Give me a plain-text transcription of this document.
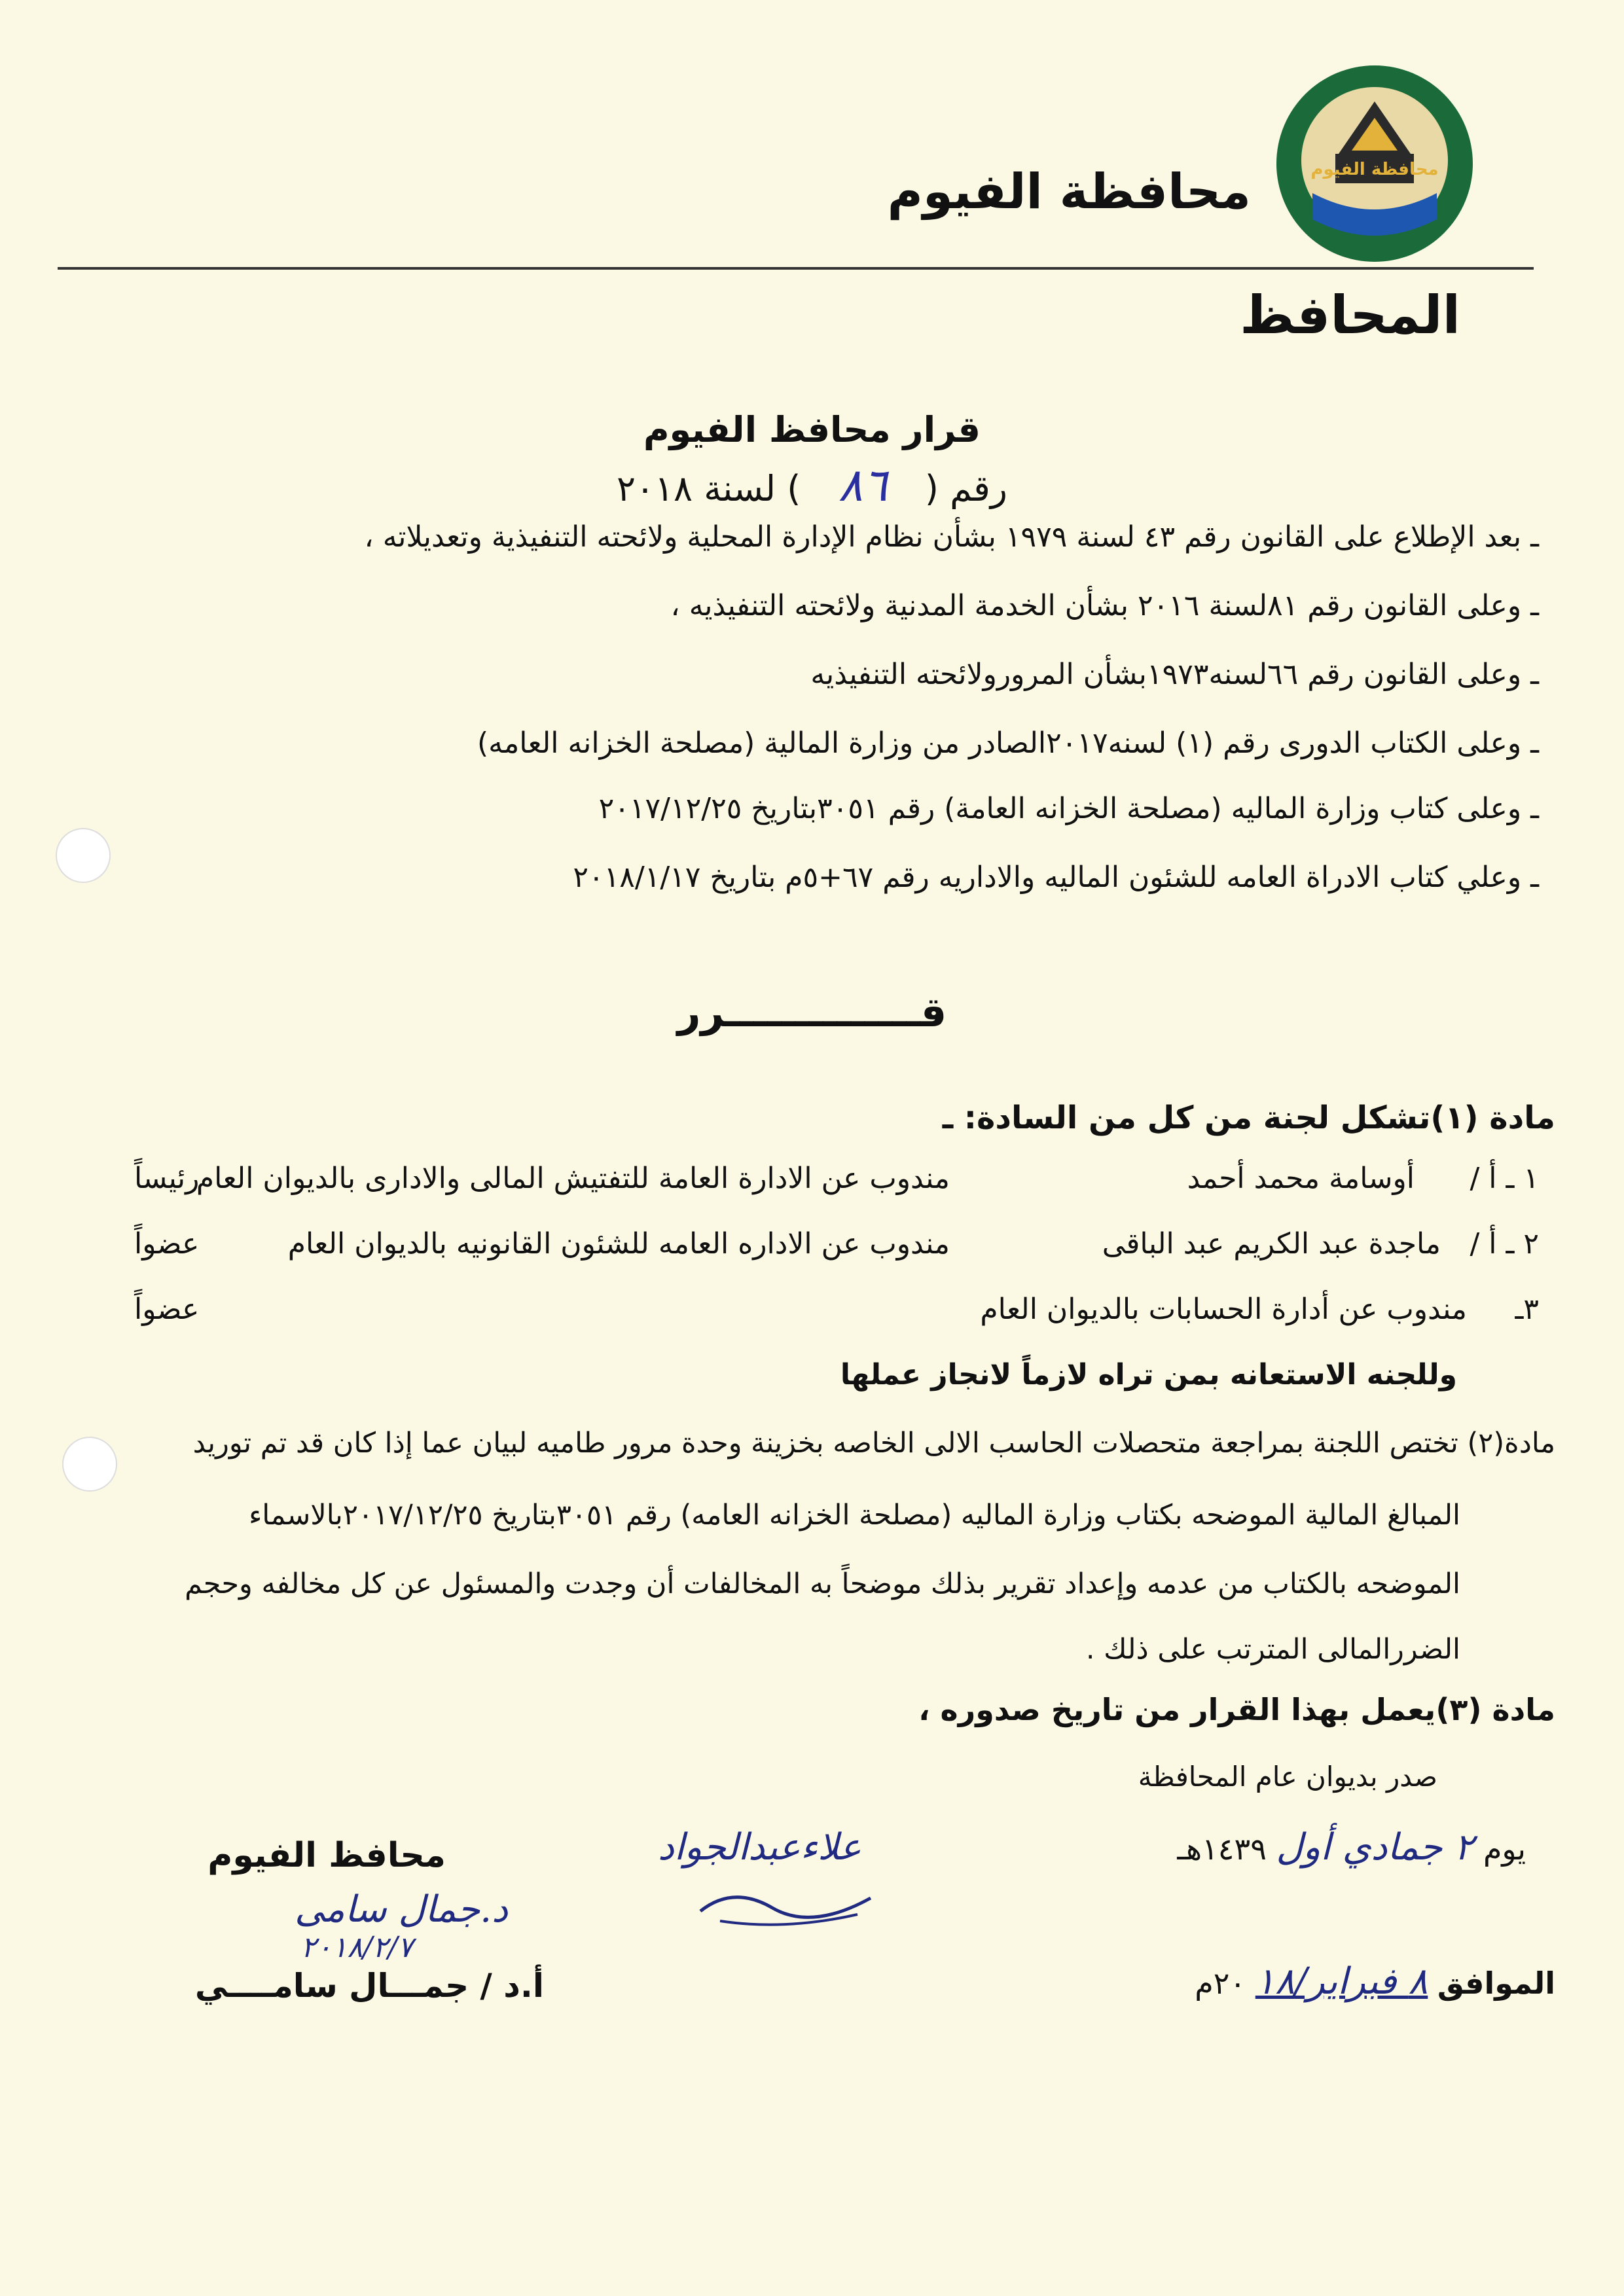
محافظة الفيوم
محافظة الفيوم
المحافظ
قرار محافظ الفيوم
رقم ( ٨٦ ) لسنة ٢٠١٨
ـ بعد الإطلاع على القانون رقم ٤٣ لسنة ١٩٧٩ بشأن نظام الإدارة المحلية ولائحته التنفيذية وتعديلاته ،
ـ وعلى القانون رقم ٨١لسنة ٢٠١٦ بشأن الخدمة المدنية ولائحته التنفيذيه ،
ـ وعلى القانون رقم ٦٦لسنه١٩٧٣بشأن المرورولائحته التنفيذيه
ـ وعلى الكتاب الدورى رقم (١) لسنه٢٠١٧الصادر من وزارة المالية (مصلحة الخزانه العامه)
ـ وعلى كتاب وزارة الماليه (مصلحة الخزانه العامة) رقم ٣٠٥١بتاريخ ٢٠١٧/١٢/٢٥
ـ وعلي كتاب الادراة العامه للشئون الماليه والاداريه رقم ٦٧+٥م بتاريخ ٢٠١٨/١/١٧
قــــــــــــــرر
مادة (١)تشكل لجنة من كل من السادة: ـ
١ ـ أ /
أوسامة محمد أحمد
مندوب عن الادارة العامة للتفتيش المالى والادارى بالديوان العام
رئيساً
٢ ـ أ /
ماجدة عبد الكريم عبد الباقى
مندوب عن الاداره العامه للشئون القانونيه بالديوان العام
عضواً
٣ـ
مندوب عن أدارة الحسابات بالديوان العام
عضواً
وللجنه الاستعانه بمن تراه لازماً لانجاز عملها
مادة(٢) تختص اللجنة بمراجعة متحصلات الحاسب الالى الخاصه بخزينة وحدة مرور طاميه لبيان عما إذا كان قد تم توريد
المبالغ المالية الموضحه بكتاب وزارة الماليه (مصلحة الخزانه العامه) رقم ٣٠٥١بتاريخ ٢٠١٧/١٢/٢٥بالاسماء
الموضحه بالكتاب من عدمه وإعداد تقرير بذلك موضحاً به المخالفات أن وجدت والمسئول عن كل مخالفه وحجم
الضررالمالى المترتب على ذلك .
مادة (٣)يعمل بهذا القرار من تاريخ صدوره ،
صدر بديوان عام المحافظة
يوم ٢ جمادي أول ١٤٣٩هـ
الموافق ٨ فبراير/١٨ ٢٠م
علاءعبدالجواد
محافظ الفيوم
د.جمال سامى
٢٠١٨/٢/٧
أ.د / جمـــال سامــــي
